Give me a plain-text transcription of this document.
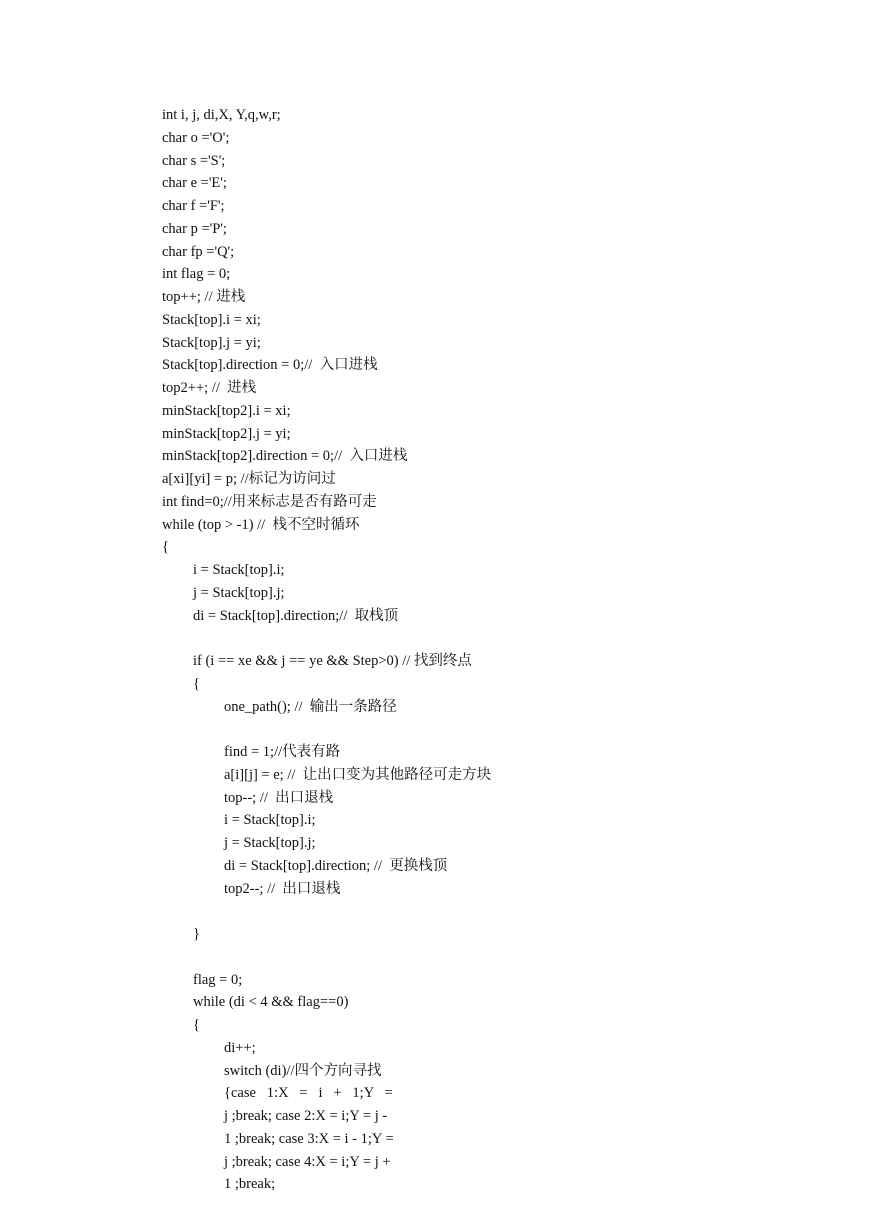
int i, j, di,X, Y,q,w,r;
char o ='O';
char s ='S';
char e ='E';
char f ='F';
char p ='P';
char fp ='Q';
int flag = 0;
top++; // 进栈
Stack[top].i = xi;
Stack[top].j = yi;
Stack[top].direction = 0;//  入口进栈
top2++; //  进栈
minStack[top2].i = xi;
minStack[top2].j = yi;
minStack[top2].direction = 0;//  入口进栈
a[xi][yi] = p; //标记为访问过
int find=0;//用来标志是否有路可走
while (top > -1) //  栈不空时循环
{
i = Stack[top].i;
j = Stack[top].j;
di = Stack[top].direction;//  取栈顶
if (i == xe && j == ye && Step>0) // 找到终点
{
one_path(); //  输出一条路径
find = 1;//代表有路
a[i][j] = e; //  让出口变为其他路径可走方块
top--; //  出口退栈
i = Stack[top].i;
j = Stack[top].j;
di = Stack[top].direction; //  更换栈顶
top2--; //  出口退栈
}
flag = 0;
while (di < 4 && flag==0)
{
di++;
switch (di)//四个方向寻找
{case   1:X   =   i   +   1;Y   =
j ;break; case 2:X = i;Y = j -
1 ;break; case 3:X = i - 1;Y =
j ;break; case 4:X = i;Y = j +
1 ;break;
